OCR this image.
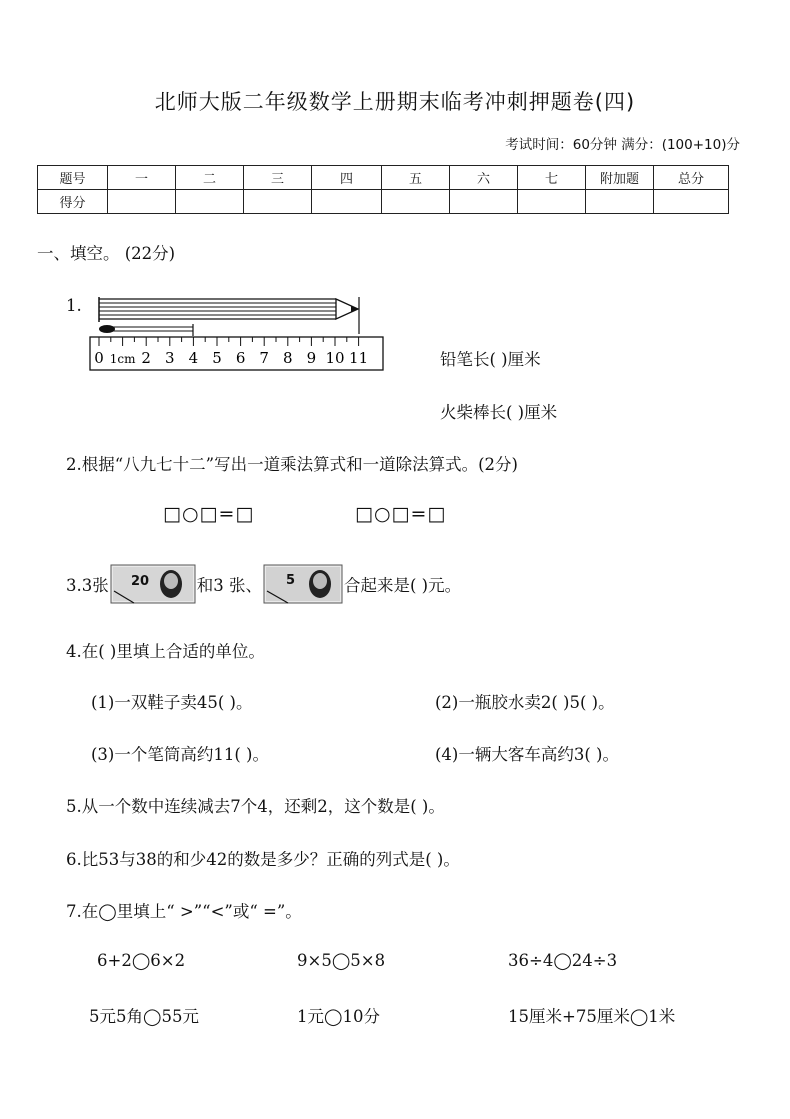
北师大版二年级数学上册期末临考冲刺押题卷(四)
考试时间：60分钟 满分：(100+10)分
题号	一	二	三	四	五	六	七	附加题	总分
得分									
一、填空。 (22分)
1.
0 1cm 2 3 4 5 6 7 8 9 10 11	铅笔长( )厘米
火柴棒长( )厘米
2.根据“八九七十二”写出一道乘法算式和一道除法算式。(2分)
□○□=□	□○□=□
3.3张 20	和3 张、 5	合起来是( )元。
4.在( )里填上合适的单位。
(1)一双鞋子卖45( )。	(2)一瓶胶水卖2( )5( )。
(3)一个笔筒高约11( )。	(4)一辆大客车高约3( )。
5.从一个数中连续减去7个4，还剩2，这个数是( )。
6.比53与38的和少42的数是多少？正确的列式是( )。
7.在◯里填上“ >”“<”或“ =”。
6+2◯6×2	9×5◯5×8	36÷4◯24÷3
5元5角◯55元	1元◯10分	15厘米+75厘米◯1米
